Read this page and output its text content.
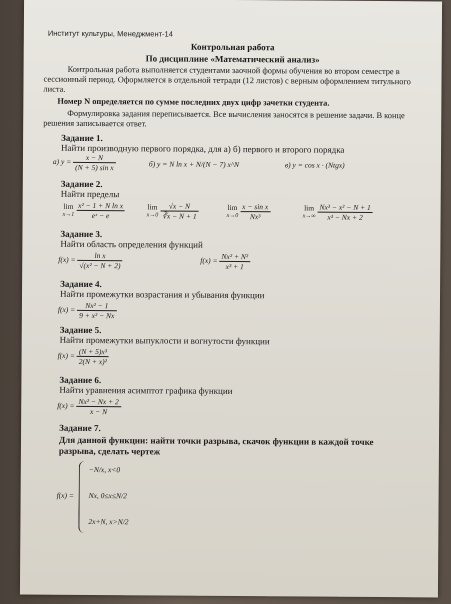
Институт культуры, Менеджмент-14
Контрольная работа
По дисциплине «Математический анализ»
Контрольная работа выполняется студентами заочной формы обучения во втором семестре в сессионный период. Оформляется в отдельной тетради (12 листов) с верным оформлением титульного листа.
Номер N определяется по сумме последних двух цифр зачетки студента.
Формулировка задания переписывается. Все вычисления заносятся в решение задачи. В конце решения записывается ответ.
Задание 1.
Найти производную первого порядка, для а) б) первого и второго порядка
а) $y = \frac{x - N}{\text{(N + 5) sin x}}$	б) y = N ln x + N/(N − 7) x^N	в) y = cos x · (Ntgx)
Задание 2.
Найти пределы
lim
x→1
$\frac{\text{x² − 1 + N ln x}}{\text{eˣ − e}}$	lim
x→0
$\frac{√x - N}{∛x - N + 1}$	lim
x→0
$\frac{\text{x − sin x}}{\text{Nx³}}$	lim
x→∞
$\frac{\text{Nx³ − x² − N + 1}}{\text{x³ − Nx + 2}}$
Задание 3.
Найти область определения функций
$f(x) = \frac{\text{ln x}}{\text{√(x² − N + 2)}}$	$f(x) = \frac{\text{Nx² + N²}}{\text{x³ + 1}}$
Задание 4.
Найти промежутки возрастания и убывания функции
$f(x) = \frac{\text{Nx² − 1}}{\text{9 + x² − Nx}}$
Задание 5.
Найти промежутки выпуклости и вогнутости функции
$f(x) = \frac{\text{(N + 5)x³}}{\text{2(N + x)²}}$
Задание 6.
Найти уравнения асимптот графика функции
$f(x) = \frac{\text{Nx² − Nx + 2}}{x - N}$
Задание 7.
Для данной функции: найти точки разрыва, скачок функции в каждой точке разрыва, сделать чертеж
f(x) =
−N/x, x<0
Nx, 0≤x≤N/2
2x+N, x>N/2
